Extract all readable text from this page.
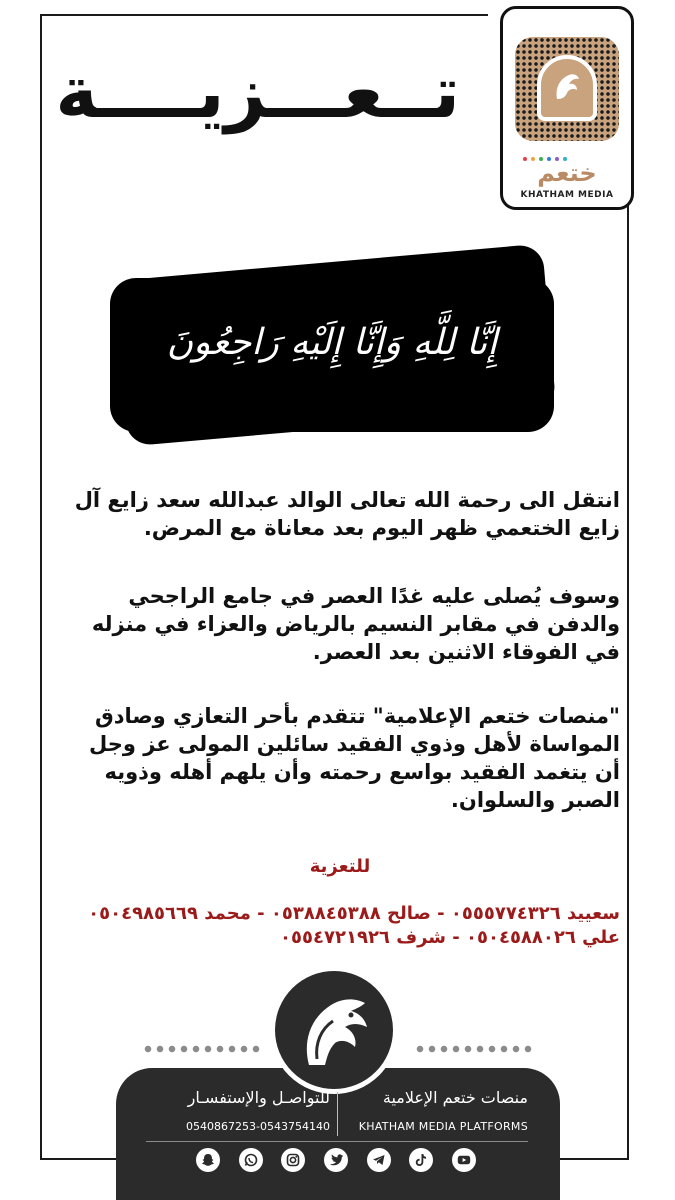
ختعم
KHATHAM MEDIA
تــعـــزيــــة
إِنَّا لِلَّهِ وَإِنَّا إِلَيْهِ رَاجِعُونَ
انتقل الى رحمة الله تعالى الوالد عبدالله سعد زايع آل زايع الختعمي ظهر اليوم بعد معاناة مع المرض.
وسوف يُصلى عليه غدًا العصر في جامع الراجحي والدفن في مقابر النسيم بالرياض والعزاء في منزله في الفوقاء الاثنين بعد العصر.
"منصات ختعم الإعلامية" تتقدم بأحر التعازي وصادق المواساة لأهل وذوي الفقيد سائلين المولى عز وجل أن يتغمد الفقيد بواسع رحمته وأن يلهم أهله وذويه الصبر والسلوان.
للتعزية
سعييد ٠٥٥٥٧٧٤٣٢٦ - صالح ٠٥٣٨٨٤٥٣٨٨ - محمد ٠٥٠٤٩٨٥٦٦٩
علي ٠٥٠٤٥٨٨٠٢٦ - شرف ٠٥٥٤٧٢١٩٢٦
منصات ختعم الإعلامية
للتواصـل والإستفسـار
KHATHAM MEDIA PLATFORMS
0540867253-0543754140
